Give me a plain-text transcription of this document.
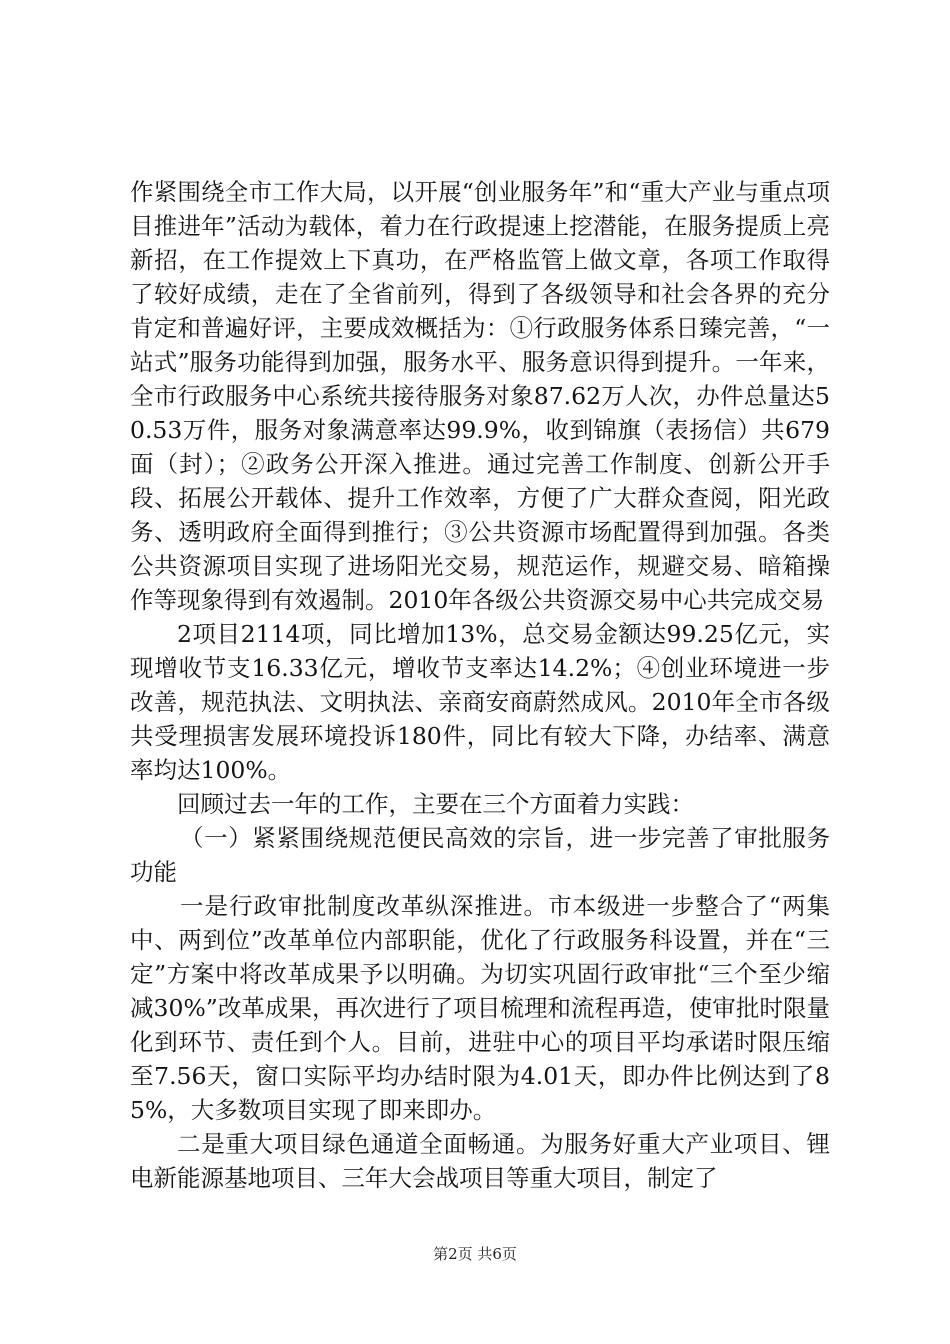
作紧围绕全市工作大局，以开展“创业服务年”和“重大产业与重点项目推进年”活动为载体，着力在行政提速上挖潜能，在服务提质上亮新招，在工作提效上下真功，在严格监管上做文章，各项工作取得了较好成绩，走在了全省前列，得到了各级领导和社会各界的充分肯定和普遍好评，主要成效概括为：①行政服务体系日臻完善，“一站式”服务功能得到加强，服务水平、服务意识得到提升。一年来，全市行政服务中心系统共接待服务对象87.62万人次，办件总量达50.53万件，服务对象满意率达99.9%，收到锦旗（表扬信）共679面（封）；②政务公开深入推进。通过完善工作制度、创新公开手段、拓展公开载体、提升工作效率，方便了广大群众查阅，阳光政务、透明政府全面得到推行；③公共资源市场配置得到加强。各类公共资源项目实现了进场阳光交易，规范运作，规避交易、暗箱操作等现象得到有效遏制。2010年各级公共资源交易中心共完成交易

2项目2114项，同比增加13%，总交易金额达99.25亿元，实现增收节支16.33亿元，增收节支率达14.2%；④创业环境进一步改善，规范执法、文明执法、亲商安商蔚然成风。2010年全市各级共受理损害发展环境投诉180件，同比有较大下降，办结率、满意率均达100%。

回顾过去一年的工作，主要在三个方面着力实践：

（一）紧紧围绕规范便民高效的宗旨，进一步完善了审批服务功能

一是行政审批制度改革纵深推进。市本级进一步整合了“两集中、两到位”改革单位内部职能，优化了行政服务科设置，并在“三定”方案中将改革成果予以明确。为切实巩固行政审批“三个至少缩减30%”改革成果，再次进行了项目梳理和流程再造，使审批时限量化到环节、责任到个人。目前，进驻中心的项目平均承诺时限压缩至7.56天，窗口实际平均办结时限为4.01天，即办件比例达到了85%，大多数项目实现了即来即办。

二是重大项目绿色通道全面畅通。为服务好重大产业项目、锂电新能源基地项目、三年大会战项目等重大项目，制定了

第2页 共6页
